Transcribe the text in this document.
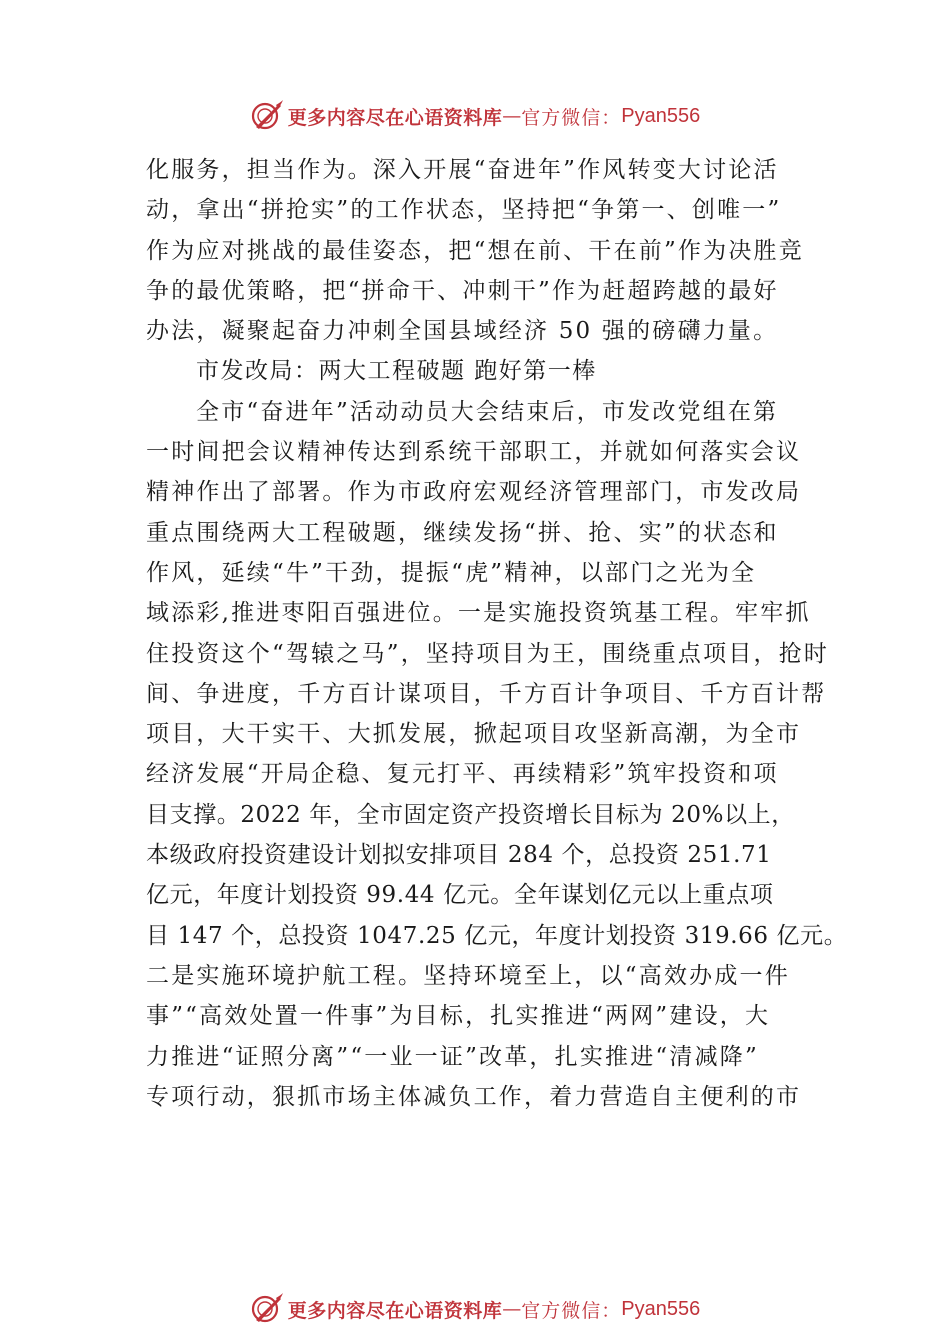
更多内容尽在心语资料库 — 官方微信： Pyan556
化服务，担当作为。深入开展“奋进年”作风转变大讨论活
动，拿出“拼抢实”的工作状态，坚持把“争第一、创唯一”
作为应对挑战的最佳姿态，把“想在前、干在前”作为决胜竞
争的最优策略，把“拼命干、冲刺干”作为赶超跨越的最好
办法，凝聚起奋力冲刺全国县域经济 50 强的磅礴力量。
市发改局：两大工程破题 跑好第一棒
全市“奋进年”活动动员大会结束后，市发改党组在第
一时间把会议精神传达到系统干部职工，并就如何落实会议
精神作出了部署。作为市政府宏观经济管理部门，市发改局
重点围绕两大工程破题，继续发扬“拼、抢、实”的状态和
作风，延续“牛”干劲，提振“虎”精神，以部门之光为全
域添彩,推进枣阳百强进位。一是实施投资筑基工程。牢牢抓
住投资这个“驾辕之马”，坚持项目为王，围绕重点项目，抢时
间、争进度，千方百计谋项目，千方百计争项目、千方百计帮
项目，大干实干、大抓发展，掀起项目攻坚新高潮，为全市
经济发展“开局企稳、复元打平、再续精彩”筑牢投资和项
目支撑。2022 年，全市固定资产投资增长目标为 20%以上，
本级政府投资建设计划拟安排项目 284 个，总投资 251.71
亿元，年度计划投资 99.44 亿元。全年谋划亿元以上重点项
目 147 个，总投资 1047.25 亿元，年度计划投资 319.66 亿元。
二是实施环境护航工程。坚持环境至上，以“高效办成一件
事”“高效处置一件事”为目标，扎实推进“两网”建设，大
力推进“证照分离”“一业一证”改革，扎实推进“清减降”
专项行动，狠抓市场主体减负工作，着力营造自主便利的市
更多内容尽在心语资料库 — 官方微信： Pyan556
